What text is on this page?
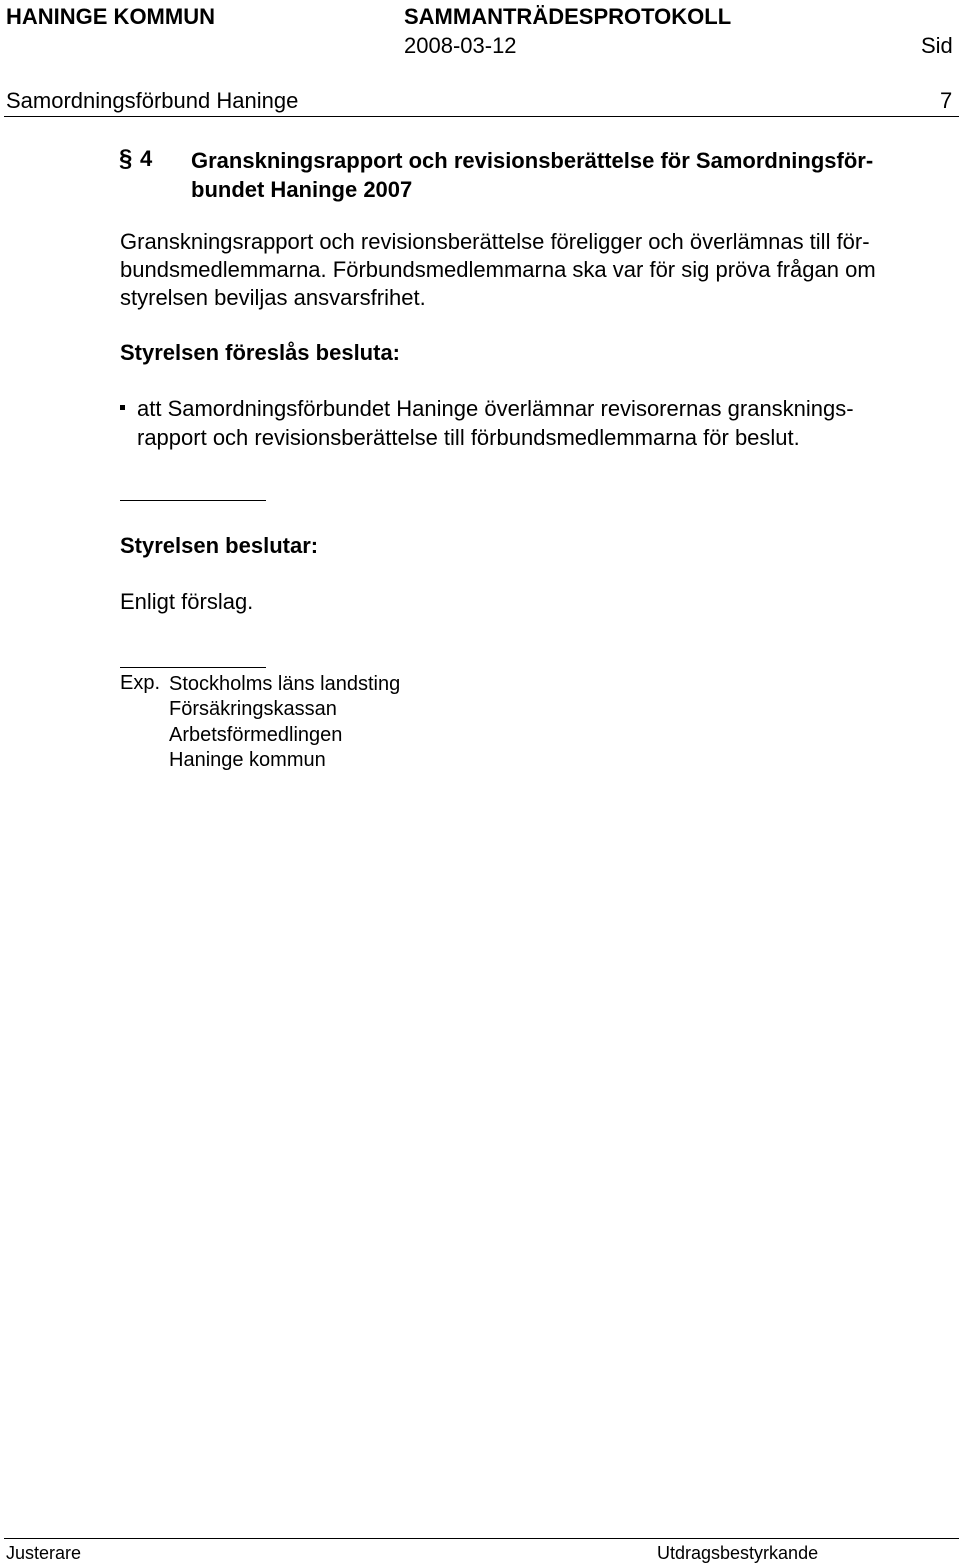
HANINGE KOMMUN	SAMMANTRÄDESPROTOKOLL
2008-03-12	Sid
Samordningsförbund Haninge	7
§ 4 Granskningsrapport och revisionsberättelse för Samordningsför-
bundet Haninge 2007
Granskningsrapport och revisionsberättelse föreligger och överlämnas till för-
bundsmedlemmarna. Förbundsmedlemmarna ska var för sig pröva frågan om
styrelsen beviljas ansvarsfrihet.
Styrelsen föreslås besluta:
att Samordningsförbundet Haninge överlämnar revisorernas gransknings-
rapport och revisionsberättelse till förbundsmedlemmarna för beslut.
Styrelsen beslutar:
Enligt förslag.
Exp. Stockholms läns landsting
Försäkringskassan
Arbetsförmedlingen
Haninge kommun
Justerare	Utdragsbestyrkande
